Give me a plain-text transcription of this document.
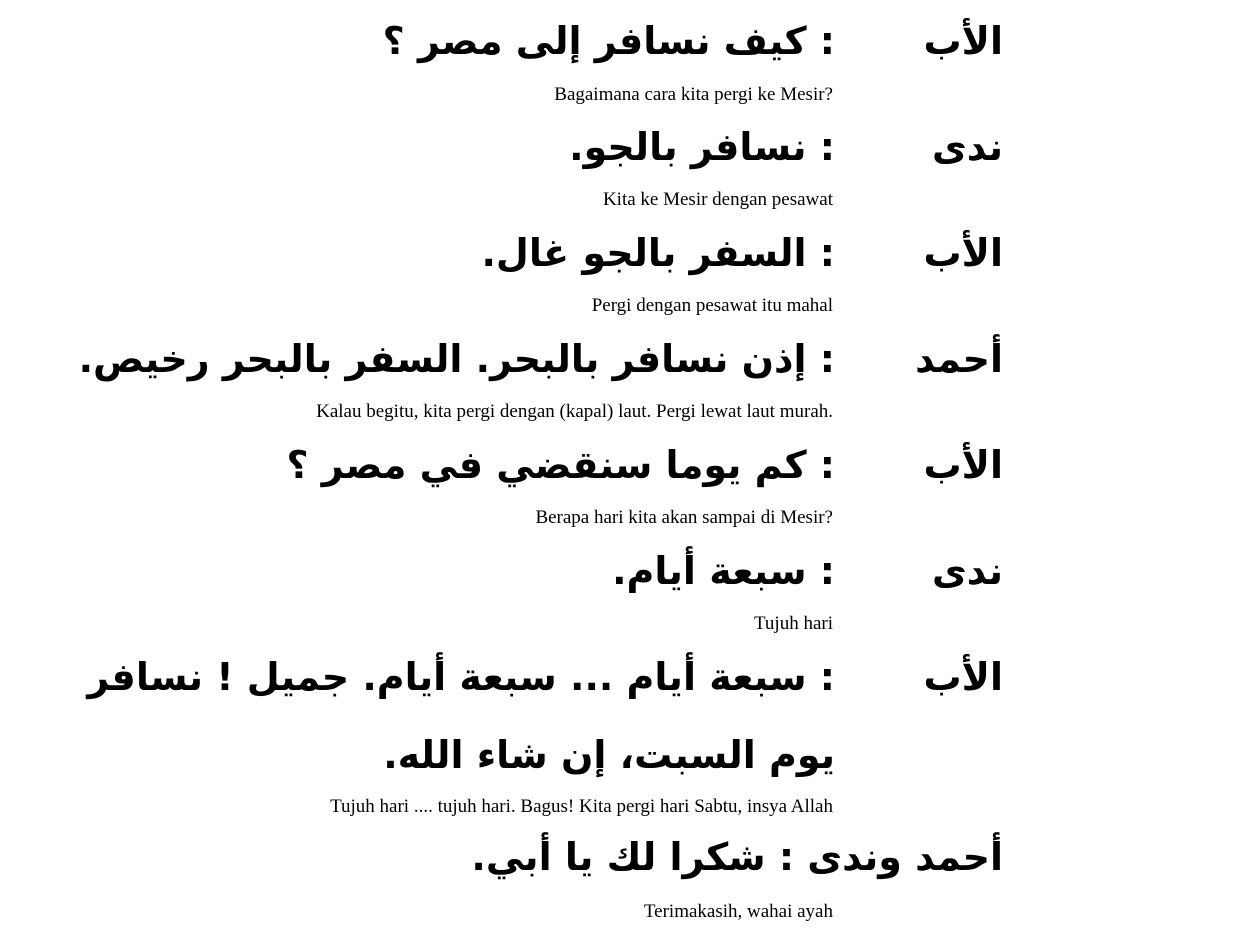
الأب
: كيف نسافر إلى مصر ؟
Bagaimana cara kita pergi ke Mesir?
ندى
: نسافر بالجو.
Kita ke Mesir dengan pesawat
الأب
: السفر بالجو غال.
Pergi dengan pesawat itu mahal
أحمد
: إذن نسافر بالبحر. السفر بالبحر رخيص.
Kalau begitu, kita pergi dengan (kapal) laut. Pergi lewat laut murah.
الأب
: كم يوما سنقضي في مصر ؟
Berapa hari kita akan sampai di Mesir?
ندى
: سبعة أيام.
Tujuh hari
الأب
: سبعة أيام ... سبعة أيام. جميل ! نسافر
يوم السبت، إن شاء الله.
Tujuh hari .... tujuh hari. Bagus! Kita pergi hari Sabtu, insya Allah
أحمد وندى : شكرا لك يا أبي.
Terimakasih, wahai ayah
